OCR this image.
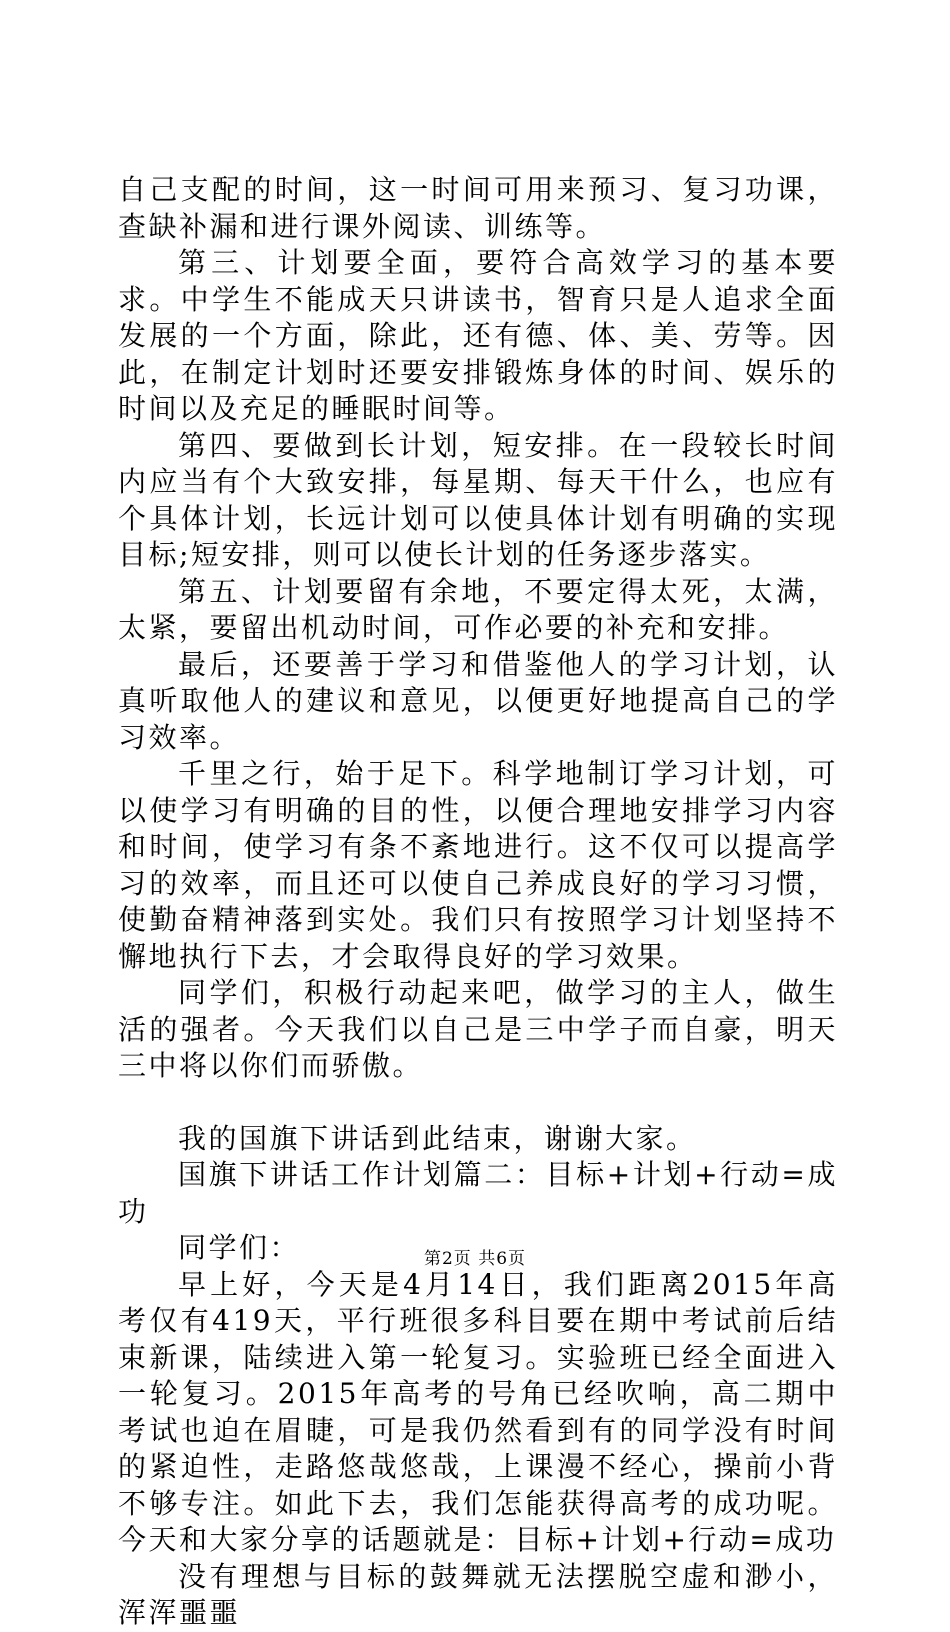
自己支配的时间，这一时间可用来预习、复习功课，查缺补漏和进行课外阅读、训练等。

第三、计划要全面，要符合高效学习的基本要求。中学生不能成天只讲读书，智育只是人追求全面发展的一个方面，除此，还有德、体、美、劳等。因此，在制定计划时还要安排锻炼身体的时间、娱乐的时间以及充足的睡眠时间等。

第四、要做到长计划，短安排。在一段较长时间内应当有个大致安排，每星期、每天干什么，也应有个具体计划，长远计划可以使具体计划有明确的实现目标;短安排，则可以使长计划的任务逐步落实。

第五、计划要留有余地，不要定得太死，太满，太紧，要留出机动时间，可作必要的补充和安排。

最后，还要善于学习和借鉴他人的学习计划，认真听取他人的建议和意见，以便更好地提高自己的学习效率。

千里之行，始于足下。科学地制订学习计划，可以使学习有明确的目的性，以便合理地安排学习内容和时间，使学习有条不紊地进行。这不仅可以提高学习的效率，而且还可以使自己养成良好的学习习惯，使勤奋精神落到实处。我们只有按照学习计划坚持不懈地执行下去，才会取得良好的学习效果。

同学们，积极行动起来吧，做学习的主人，做生活的强者。今天我们以自己是三中学子而自豪，明天三中将以你们而骄傲。

我的国旗下讲话到此结束，谢谢大家。

国旗下讲话工作计划篇二：目标+计划+行动=成功

同学们：

早上好，今天是4月14日，我们距离2015年高考仅有419天，平行班很多科目要在期中考试前后结束新课，陆续进入第一轮复习。实验班已经全面进入一轮复习。2015年高考的号角已经吹响，高二期中考试也迫在眉睫，可是我仍然看到有的同学没有时间的紧迫性，走路悠哉悠哉，上课漫不经心，操前小背不够专注。如此下去，我们怎能获得高考的成功呢。今天和大家分享的话题就是：目标+计划+行动=成功

没有理想与目标的鼓舞就无法摆脱空虚和渺小，浑浑噩噩

第2页 共6页
